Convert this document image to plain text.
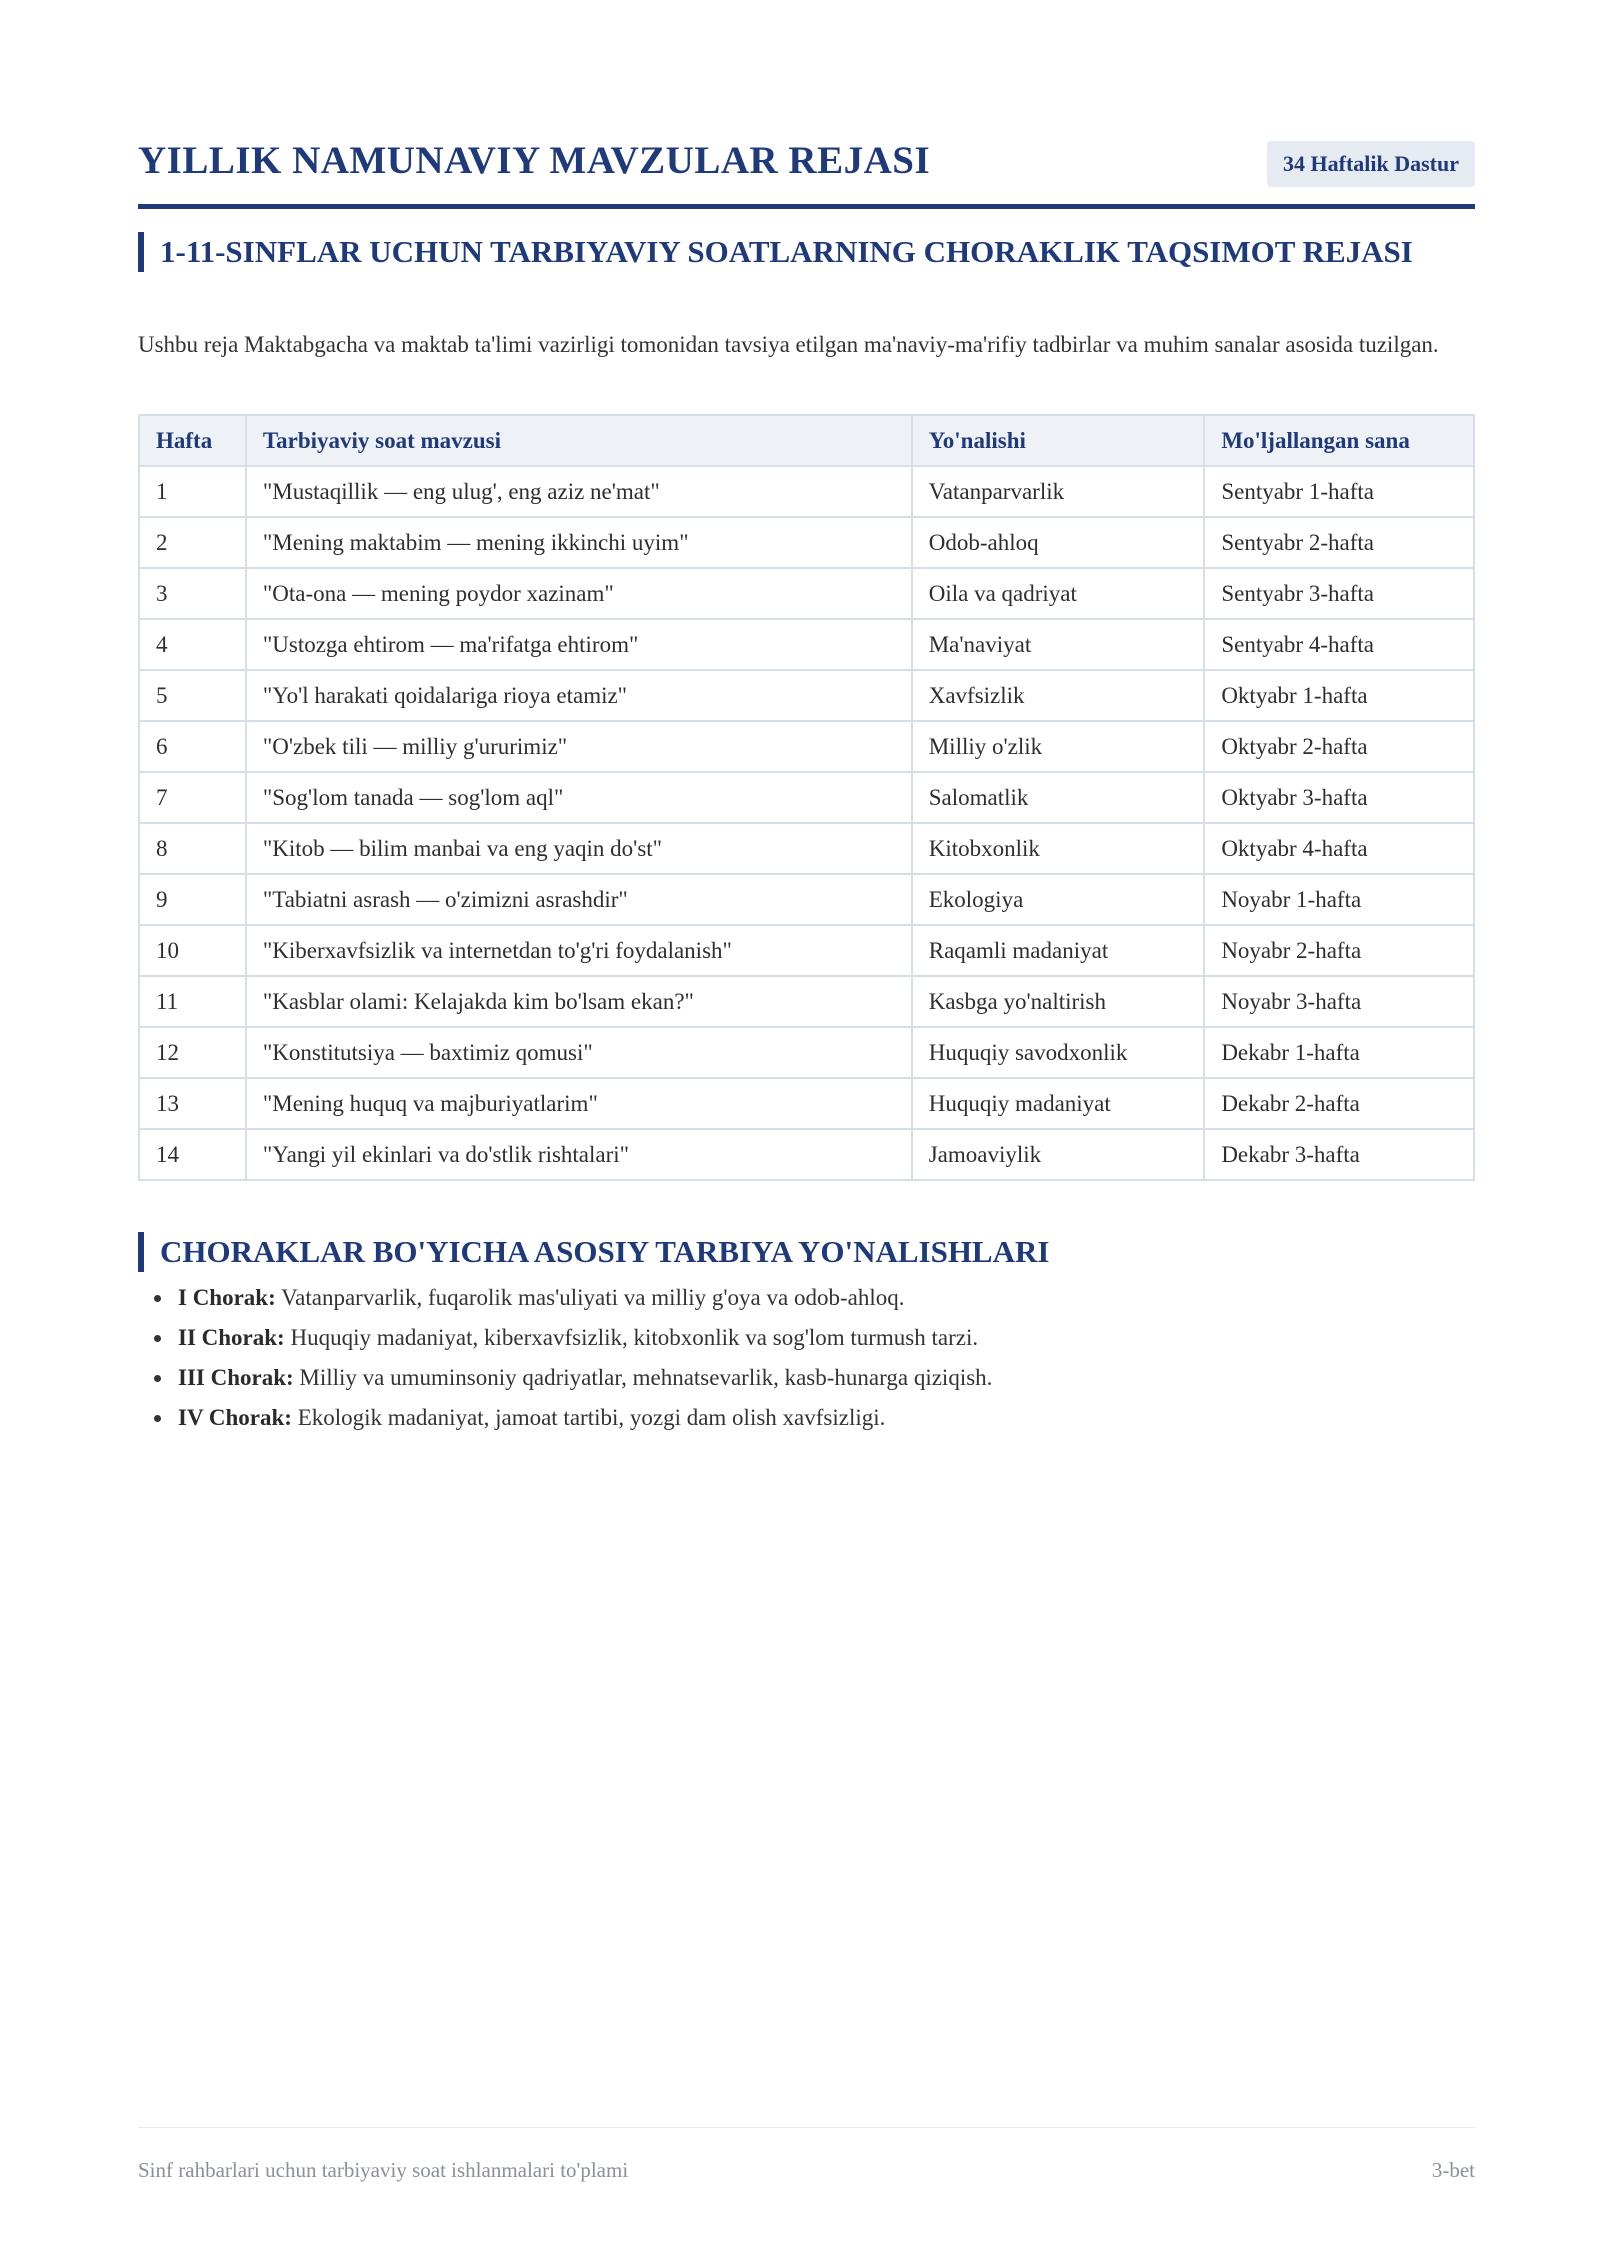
YILLIK NAMUNAVIY MAVZULAR REJASI	34 Haftalik Dastur
1-11-SINFLAR UCHUN TARBIYAVIY SOATLARNING CHORAKLIK TAQSIMOT REJASI
Ushbu reja Maktabgacha va maktab ta'limi vazirligi tomonidan tavsiya etilgan ma'naviy-ma'rifiy tadbirlar va muhim sanalar asosida tuzilgan.
Hafta	Tarbiyaviy soat mavzusi	Yo'nalishi	Mo'ljallangan sana
1	"Mustaqillik — eng ulug', eng aziz ne'mat"	Vatanparvarlik	Sentyabr 1-hafta
2	"Mening maktabim — mening ikkinchi uyim"	Odob-ahloq	Sentyabr 2-hafta
3	"Ota-ona — mening poydor xazinam"	Oila va qadriyat	Sentyabr 3-hafta
4	"Ustozga ehtirom — ma'rifatga ehtirom"	Ma'naviyat	Sentyabr 4-hafta
5	"Yo'l harakati qoidalariga rioya etamiz"	Xavfsizlik	Oktyabr 1-hafta
6	"O'zbek tili — milliy g'ururimiz"	Milliy o'zlik	Oktyabr 2-hafta
7	"Sog'lom tanada — sog'lom aql"	Salomatlik	Oktyabr 3-hafta
8	"Kitob — bilim manbai va eng yaqin do'st"	Kitobxonlik	Oktyabr 4-hafta
9	"Tabiatni asrash — o'zimizni asrashdir"	Ekologiya	Noyabr 1-hafta
10	"Kiberxavfsizlik va internetdan to'g'ri foydalanish"	Raqamli madaniyat	Noyabr 2-hafta
11	"Kasblar olami: Kelajakda kim bo'lsam ekan?"	Kasbga yo'naltirish	Noyabr 3-hafta
12	"Konstitutsiya — baxtimiz qomusi"	Huquqiy savodxonlik	Dekabr 1-hafta
13	"Mening huquq va majburiyatlarim"	Huquqiy madaniyat	Dekabr 2-hafta
14	"Yangi yil ekinlari va do'stlik rishtalari"	Jamoaviylik	Dekabr 3-hafta
CHORAKLAR BO'YICHA ASOSIY TARBIYA YO'NALISHLARI
• I Chorak: Vatanparvarlik, fuqarolik mas'uliyati va milliy g'oya va odob-ahloq.
• II Chorak: Huquqiy madaniyat, kiberxavfsizlik, kitobxonlik va sog'lom turmush tarzi.
• III Chorak: Milliy va umuminsoniy qadriyatlar, mehnatsevarlik, kasb-hunarga qiziqish.
• IV Chorak: Ekologik madaniyat, jamoat tartibi, yozgi dam olish xavfsizligi.
Sinf rahbarlari uchun tarbiyaviy soat ishlanmalari to'plami	3-bet
